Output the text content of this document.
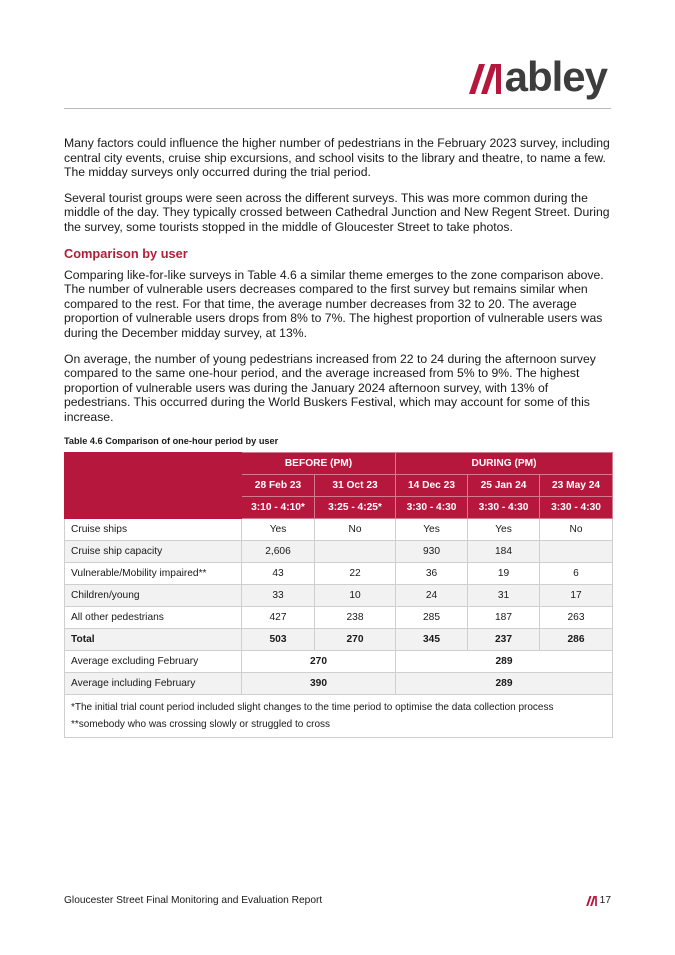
abley

Many factors could influence the higher number of pedestrians in the February 2023 survey, including central city events, cruise ship excursions, and school visits to the library and theatre, to name a few. The midday surveys only occurred during the trial period.

Several tourist groups were seen across the different surveys. This was more common during the middle of the day. They typically crossed between Cathedral Junction and New Regent Street. During the survey, some tourists stopped in the middle of Gloucester Street to take photos.

Comparison by user

Comparing like-for-like surveys in Table 4.6 a similar theme emerges to the zone comparison above. The number of vulnerable users decreases compared to the first survey but remains similar when compared to the rest. For that time, the average number decreases from 32 to 20. The average proportion of vulnerable users drops from 8% to 7%. The highest proportion of vulnerable users was during the December midday survey, at 13%.

On average, the number of young pedestrians increased from 22 to 24 during the afternoon survey compared to the same one-hour period, and the average increased from 5% to 9%. The highest proportion of vulnerable users was during the January 2024 afternoon survey, with 13% of pedestrians. This occurred during the World Buskers Festival, which may account for some of this increase.

Table 4.6 Comparison of one-hour period by user
	BEFORE (PM)		DURING (PM)		
	28 Feb 23	31 Oct 23	14 Dec 23	25 Jan 24	23 May 24
	3:10 - 4:10*	3:25 - 4:25*	3:30 - 4:30	3:30 - 4:30	3:30 - 4:30
Cruise ships	Yes	No	Yes	Yes	No
Cruise ship capacity	2,606		930	184	
Vulnerable/Mobility impaired**	43	22	36	19	6
Children/young	33	10	24	31	17
All other pedestrians	427	238	285	187	263
Total	503	270	345	237	286
Average excluding February	270		289		
Average including February	390		289		

*The initial trial count period included slight changes to the time period to optimise the data collection process
**somebody who was crossing slowly or struggled to cross					
Gloucester Street Final Monitoring and Evaluation Report	17
